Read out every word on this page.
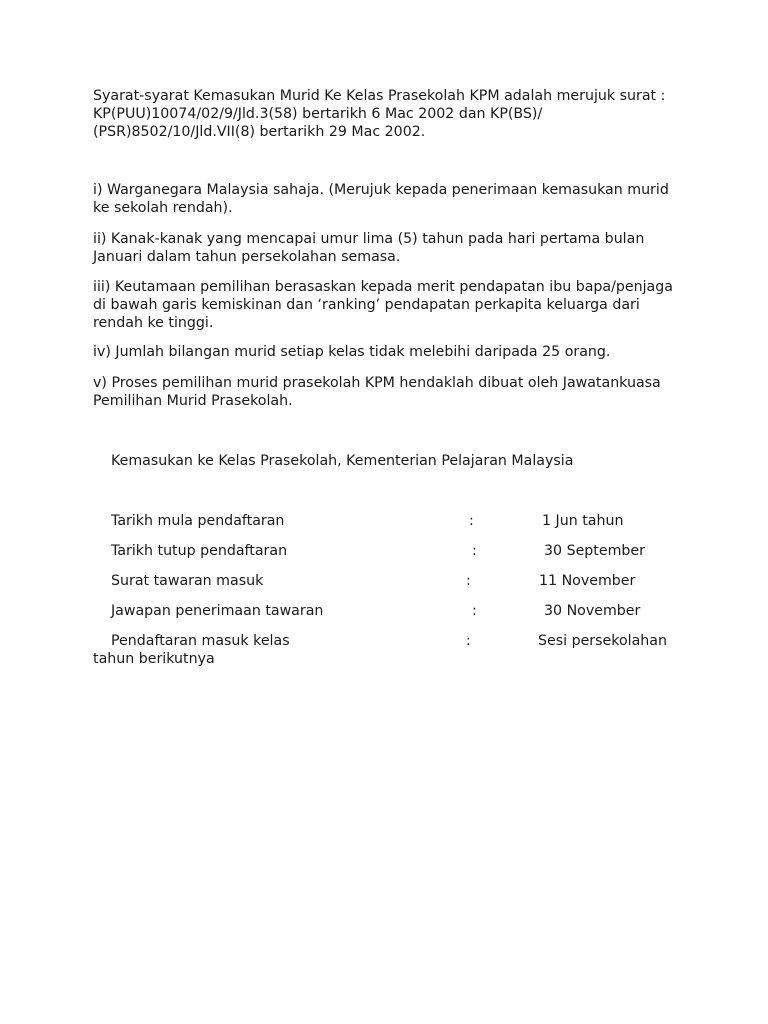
Syarat-syarat Kemasukan Murid Ke Kelas Prasekolah KPM adalah merujuk surat :
KP(PUU)10074/02/9/Jld.3(58) bertarikh 6 Mac 2002 dan KP(BS)/
(PSR)8502/10/Jld.VII(8) bertarikh 29 Mac 2002.

i) Warganegara Malaysia sahaja. (Merujuk kepada penerimaan kemasukan murid
ke sekolah rendah).

ii) Kanak-kanak yang mencapai umur lima (5) tahun pada hari pertama bulan
Januari dalam tahun persekolahan semasa.

iii) Keutamaan pemilihan berasaskan kepada merit pendapatan ibu bapa/penjaga
di bawah garis kemiskinan dan ‘ranking’ pendapatan perkapita keluarga dari
rendah ke tinggi.

iv) Jumlah bilangan murid setiap kelas tidak melebihi daripada 25 orang.

v) Proses pemilihan murid prasekolah KPM hendaklah dibuat oleh Jawatankuasa
Pemilihan Murid Prasekolah.

Kemasukan ke Kelas Prasekolah, Kementerian Pelajaran Malaysia

Tarikh mula pendaftaran	:	1 Jun tahun
Tarikh tutup pendaftaran	:	30 September
Surat tawaran masuk	:	11 November
Jawapan penerimaan tawaran	:	30 November
Pendaftaran masuk kelas	:	Sesi persekolahan
tahun berikutnya
